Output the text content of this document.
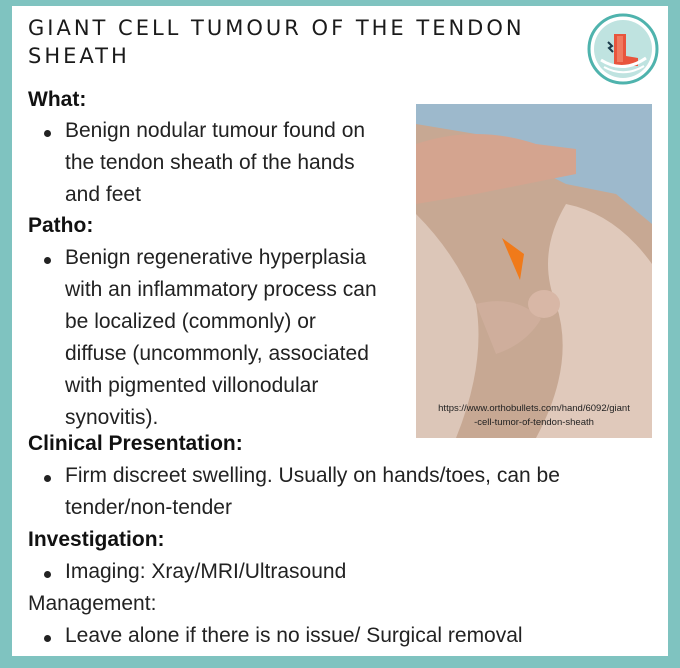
GIANT CELL TUMOUR OF THE TENDON
SHEATH
What:
Benign nodular tumour found on
the tendon sheath of the hands
and feet
Patho:
Benign regenerative hyperplasia
with an inflammatory process can
be localized (commonly) or
diffuse (uncommonly, associated
with pigmented villonodular
synovitis).
Clinical Presentation:
Firm discreet swelling. Usually on hands/toes, can be
tender/non-tender
Investigation:
Imaging: Xray/MRI/Ultrasound
Management:
Leave alone if there is no issue/ Surgical removal
https://www.orthobullets.com/hand/6092/giant
-cell-tumor-of-tendon-sheath
